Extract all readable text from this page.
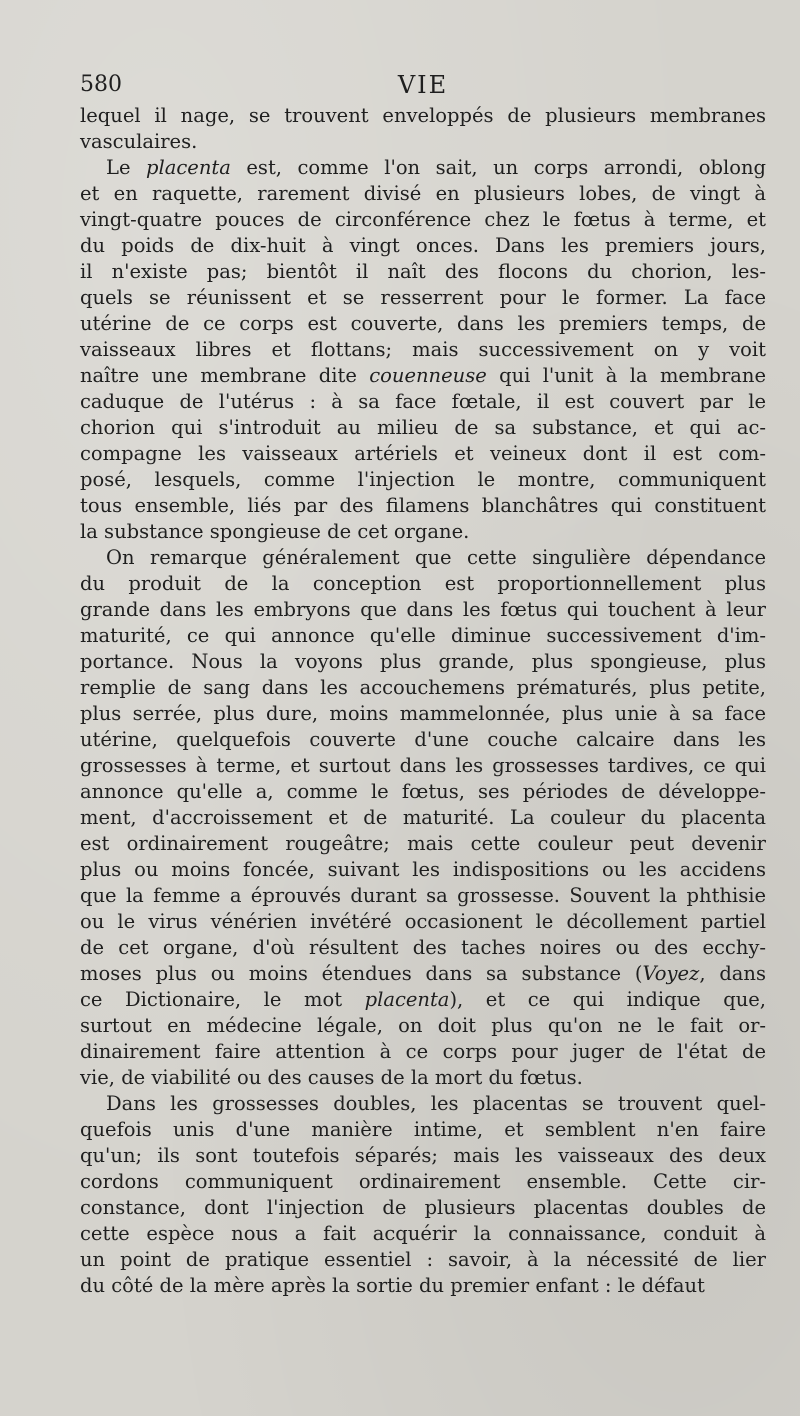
580	VIE
lequel il nage, se trouvent enveloppés de plusieurs membranes
vasculaires.
Le placenta est, comme l'on sait, un corps arrondi, oblong
et en raquette, rarement divisé en plusieurs lobes, de vingt à
vingt-quatre pouces de circonférence chez le fœtus à terme, et
du poids de dix-huit à vingt onces. Dans les premiers jours,
il n'existe pas; bientôt il naît des flocons du chorion, les-
quels se réunissent et se resserrent pour le former. La face
utérine de ce corps est couverte, dans les premiers temps, de
vaisseaux libres et flottans; mais successivement on y voit
naître une membrane dite couenneuse qui l'unit à la membrane
caduque de l'utérus : à sa face fœtale, il est couvert par le
chorion qui s'introduit au milieu de sa substance, et qui ac-
compagne les vaisseaux artériels et veineux dont il est com-
posé, lesquels, comme l'injection le montre, communiquent
tous ensemble, liés par des filamens blanchâtres qui constituent
la substance spongieuse de cet organe.
On remarque généralement que cette singulière dépendance
du produit de la conception est proportionnellement plus
grande dans les embryons que dans les fœtus qui touchent à leur
maturité, ce qui annonce qu'elle diminue successivement d'im-
portance. Nous la voyons plus grande, plus spongieuse, plus
remplie de sang dans les accouchemens prématurés, plus petite,
plus serrée, plus dure, moins mammelonnée, plus unie à sa face
utérine, quelquefois couverte d'une couche calcaire dans les
grossesses à terme, et surtout dans les grossesses tardives, ce qui
annonce qu'elle a, comme le fœtus, ses périodes de développe-
ment, d'accroissement et de maturité. La couleur du placenta
est ordinairement rougeâtre; mais cette couleur peut devenir
plus ou moins foncée, suivant les indispositions ou les accidens
que la femme a éprouvés durant sa grossesse. Souvent la phthisie
ou le virus vénérien invétéré occasionent le décollement partiel
de cet organe, d'où résultent des taches noires ou des ecchy-
moses plus ou moins étendues dans sa substance (Voyez, dans
ce Dictionaire, le mot placenta), et ce qui indique que,
surtout en médecine légale, on doit plus qu'on ne le fait or-
dinairement faire attention à ce corps pour juger de l'état de
vie, de viabilité ou des causes de la mort du fœtus.
Dans les grossesses doubles, les placentas se trouvent quel-
quefois unis d'une manière intime, et semblent n'en faire
qu'un; ils sont toutefois séparés; mais les vaisseaux des deux
cordons communiquent ordinairement ensemble. Cette cir-
constance, dont l'injection de plusieurs placentas doubles de
cette espèce nous a fait acquérir la connaissance, conduit à
un point de pratique essentiel : savoir, à la nécessité de lier
du côté de la mère après la sortie du premier enfant : le défaut
